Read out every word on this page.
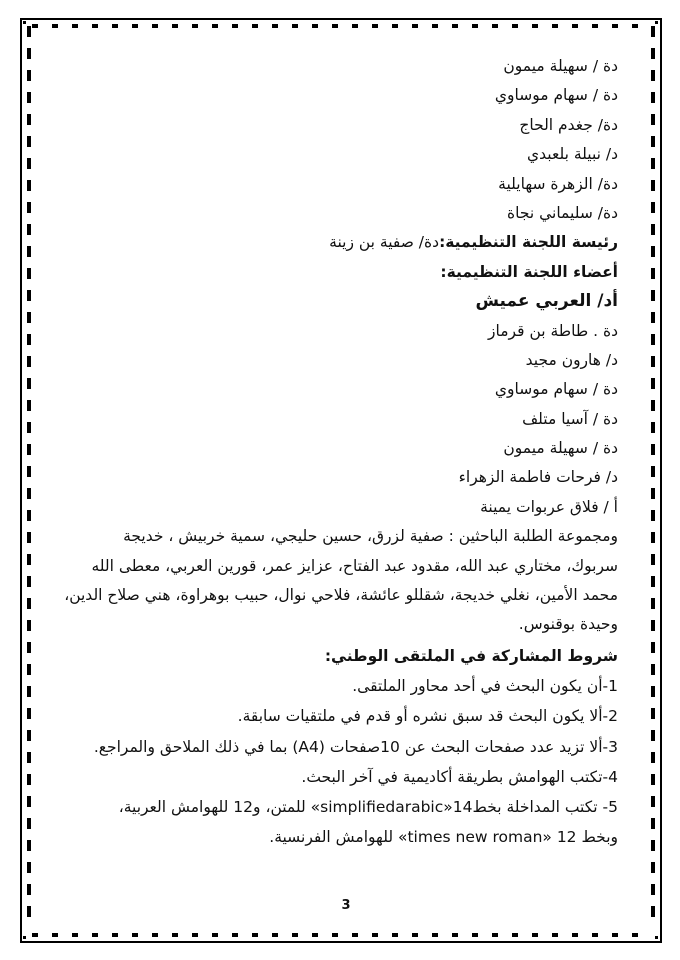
دة / سهيلة ميمون
دة / سهام موساوي
دة/ جغدم الحاج
د/ نبيلة بلعبدي
دة/ الزهرة سهايلية
دة/ سليماني نجاة
رئيسة اللجنة التنظيمية:دة/ صفية بن زينة
أعضاء اللجنة التنظيمية:
أد/ العربي عميش
دة . طاطة بن قرماز
د/ هارون مجيد
دة / سهام موساوي
دة / آسيا متلف
دة / سهيلة ميمون
د/ فرحات فاطمة الزهراء
أ / فلاق عربوات يمينة
ومجموعة الطلبة الباحثين : صفية لزرق، حسين حليجي، سمية خربيش ، خديجة
سربوك، مختاري عبد الله، مقدود عبد الفتاح، عزايز عمر، قورين العربي، معطى الله
محمد الأمين، نغلي خديجة، شقللو عائشة، فلاحي نوال، حبيب بوهراوة، هني صلاح الدين،
وحيدة بوقنوس.
شروط المشاركة في الملتقى الوطني:
1-أن يكون البحث في أحد محاور الملتقى.
2-ألا يكون البحث قد سبق نشره أو قدم في ملتقيات سابقة.
3-ألا تزيد عدد صفحات البحث عن 10صفحات (A4) بما في ذلك الملاحق والمراجع.
4-تكتب الهوامش بطريقة أكاديمية في آخر البحث.
5- تكتب المداخلة بخط14«simplifiedarabic» للمتن، و12 للهوامش العربية،
وبخط 12 «times new roman» للهوامش الفرنسية.
3
